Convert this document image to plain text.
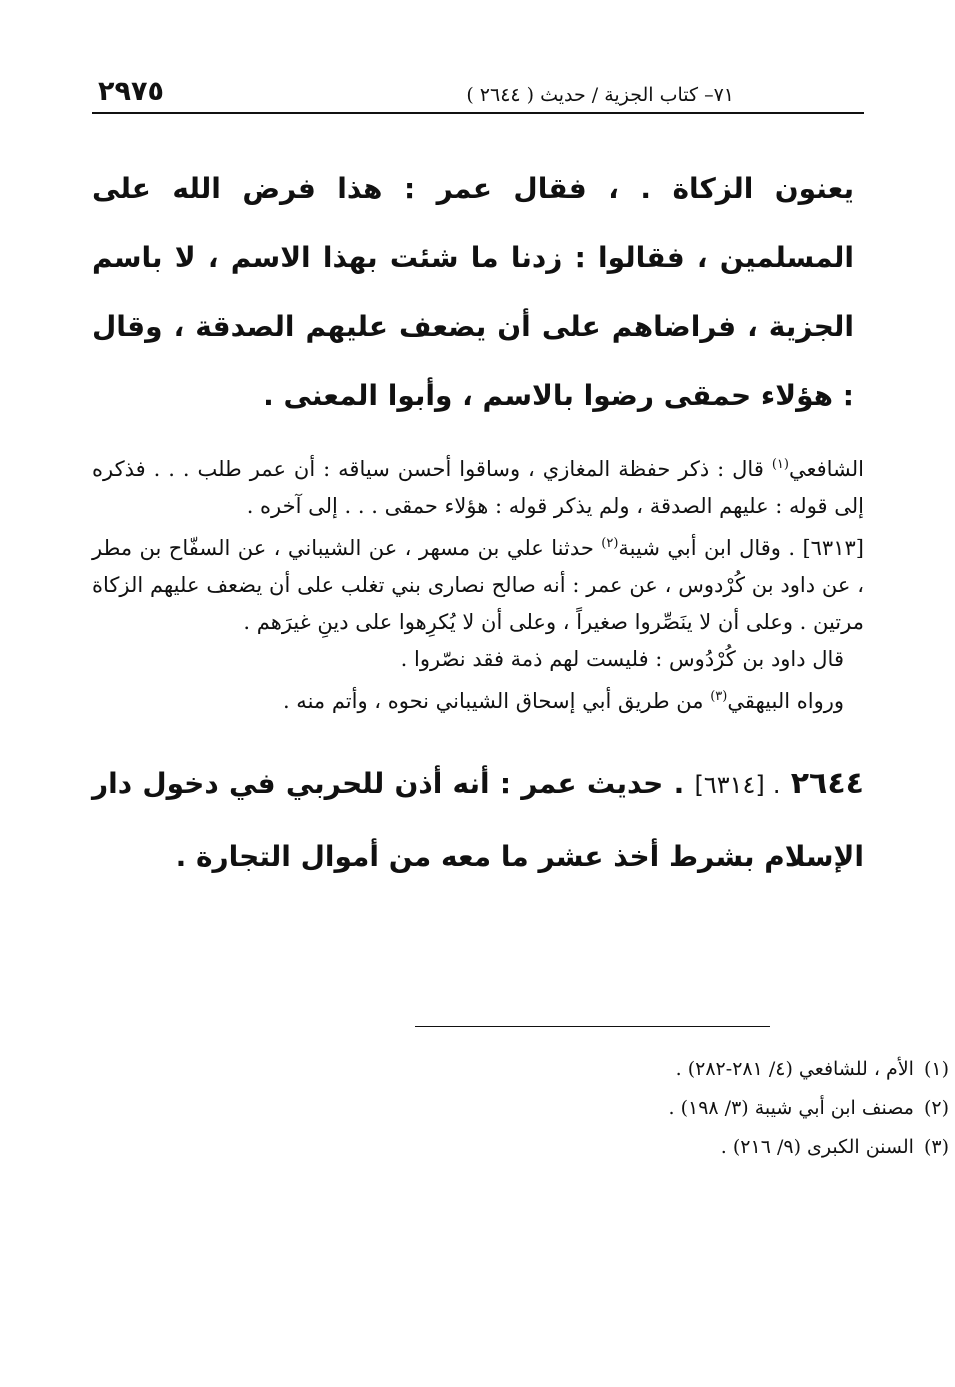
٧١– كتاب الجزية / حديث ( ٢٦٤٤ )
٢٩٧٥
يعنون الزكاة . ، فقال عمر : هذا فرض الله على المسلمين ، فقالوا : زدنا ما شئت بهذا الاسم ، لا باسم الجزية ، فراضاهم على أن يضعف عليهم الصدقة ، وقال : هؤلاء حمقى رضوا بالاسم ، وأبوا المعنى .

الشافعي$^{(١)}$ قال : ذكر حفظة المغازي ، وساقوا أحسن سياقه : أن عمر طلب . . . فذكره إلى قوله : عليهم الصدقة ، ولم يذكر قوله : هؤلاء حمقى . . . إلى آخره .

[٦٣١٣] . وقال ابن أبي شيبة$^{(٢)}$ حدثنا علي بن مسهر ، عن الشيباني ، عن السفّاح بن مطر ، عن داود بن كُرْدوس ، عن عمر : أنه صالح نصارى بني تغلب على أن يضعف عليهم الزكاة مرتين . وعلى أن لا ينَصِّروا صغيراً ، وعلى أن لا يُكرِهوا على دينِ غيرَهم .

قال داود بن كُرْدُوس : فليست لهم ذمة فقد نصّروا .

ورواه البيهقي$^{(٣)}$ من طريق أبي إسحاق الشيباني نحوه ، وأتم منه .

٢٦٤٤ . [٦٣١٤] . حديث عمر : أنه أذن للحربي في دخول دار الإسلام بشرط أخذ عشر ما معه من أموال التجارة .
(١)الأم ، للشافعي (٤/ ٢٨١-٢٨٢) .
(٢)مصنف ابن أبي شيبة (٣/ ١٩٨) .
(٣)السنن الكبرى (٩/ ٢١٦) .
